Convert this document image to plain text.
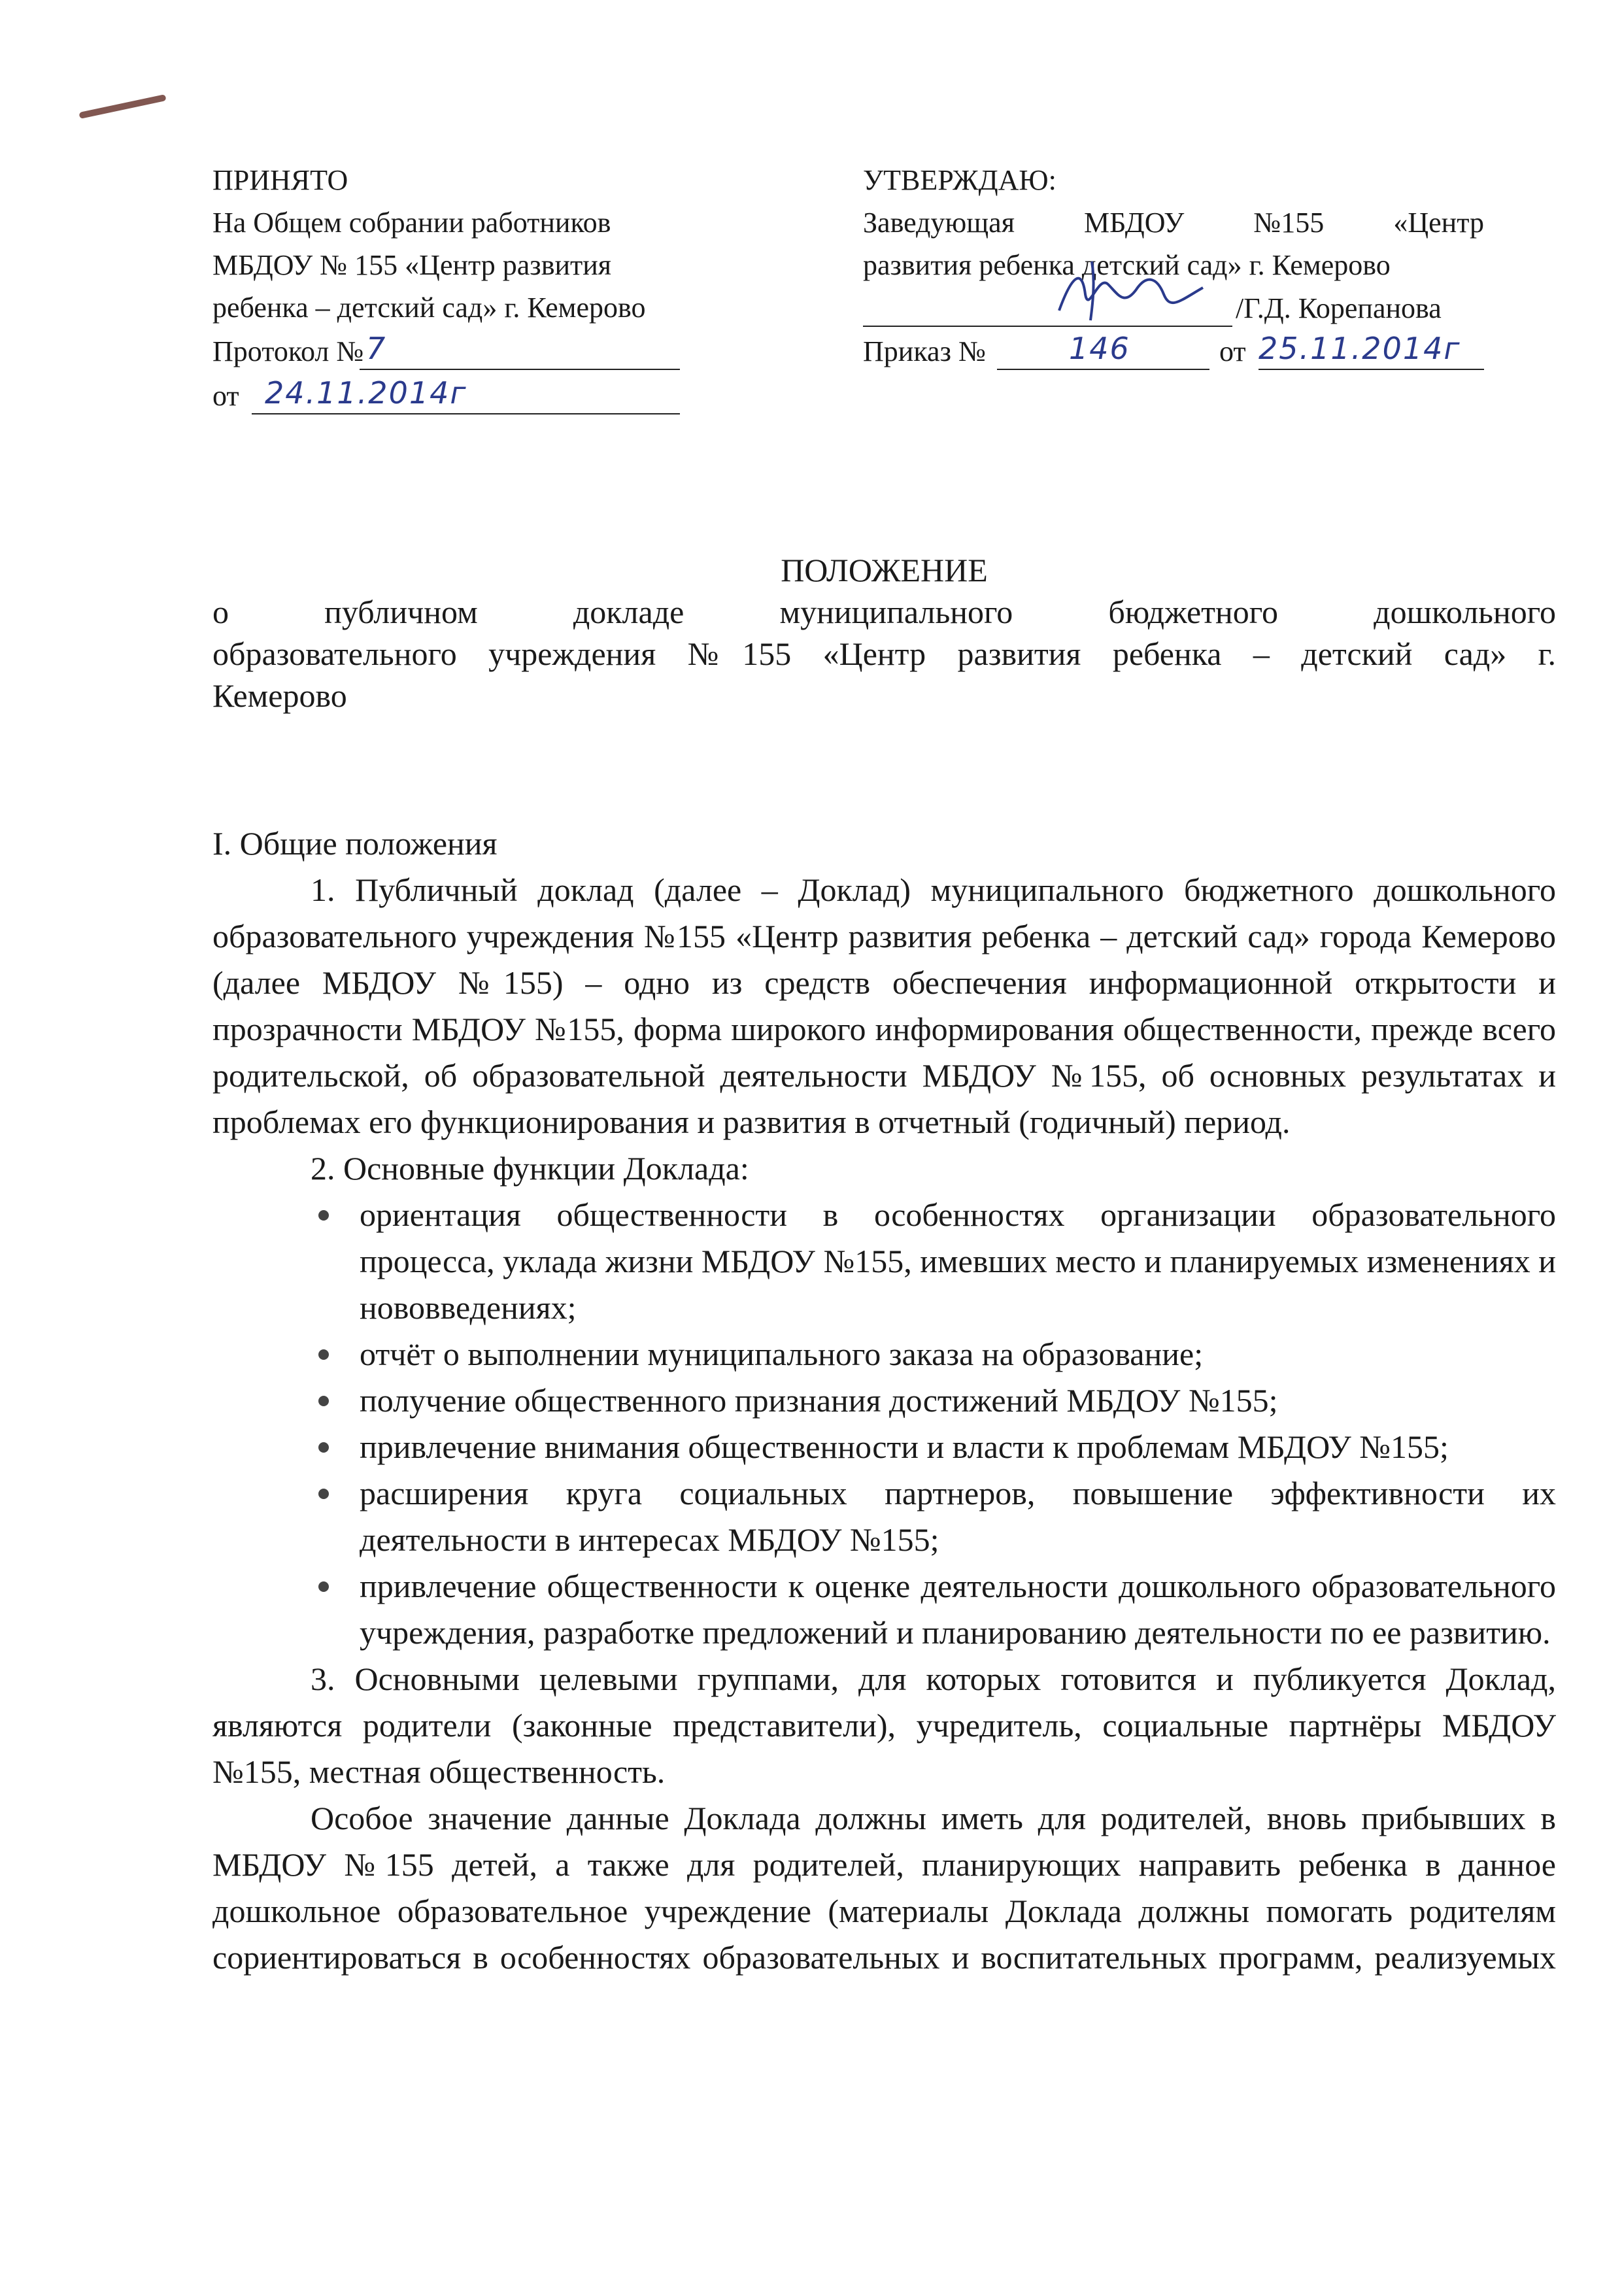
ПРИНЯТО
На Общем собрании работников
МБДОУ № 155 «Центр развития
ребенка – детский сад» г. Кемерово
Протокол № 7
от 24.11.2014г
УТВЕРЖДАЮ:
Заведующая МБДОУ №155 «Центр
развития ребенка детский сад» г. Кемерово
/Г.Д. Корепанова
Приказ №	146	от 25.11.2014г
ПОЛОЖЕНИЕ
о	публичном	докладе	муниципального	бюджетного	дошкольного
образовательного учреждения №155 «Центр развития ребенка – детский сад» г.
Кемерово

I. Общие положения

1. Публичный доклад (далее – Доклад) муниципального бюджетного дошкольного образовательного учреждения №155 «Центр развития ребенка – детский сад» города Кемерово (далее МБДОУ №155) – одно из средств обеспечения информационной открытости и прозрачности МБДОУ №155, форма широкого информирования общественности, прежде всего родительской, об образовательной деятельности МБДОУ №155, об основных результатах и проблемах его функционирования и развития в отчетный (годичный) период.

2. Основные функции Доклада:

ориентация общественности в особенностях организации образовательного процесса, уклада жизни МБДОУ №155, имевших место и планируемых изменениях и нововведениях;
отчёт о выполнении муниципального заказа на образование;
получение общественного признания достижений МБДОУ №155;
привлечение внимания общественности и власти к проблемам МБДОУ №155;
расширения круга социальных партнеров, повышение эффективности их деятельности в интересах МБДОУ №155;
привлечение общественности к оценке деятельности дошкольного образовательного учреждения, разработке предложений и планированию деятельности по ее развитию.

3. Основными целевыми группами, для которых готовится и публикуется Доклад, являются родители (законные представители), учредитель, социальные партнёры МБДОУ №155, местная общественность.

Особое значение данные Доклада должны иметь для родителей, вновь прибывших в МБДОУ №155 детей, а также для родителей, планирующих направить ребенка в данное дошкольное образовательное учреждение (материалы Доклада должны помогать родителям сориентироваться в особенностях образовательных и воспитательных программ, реализуемых
